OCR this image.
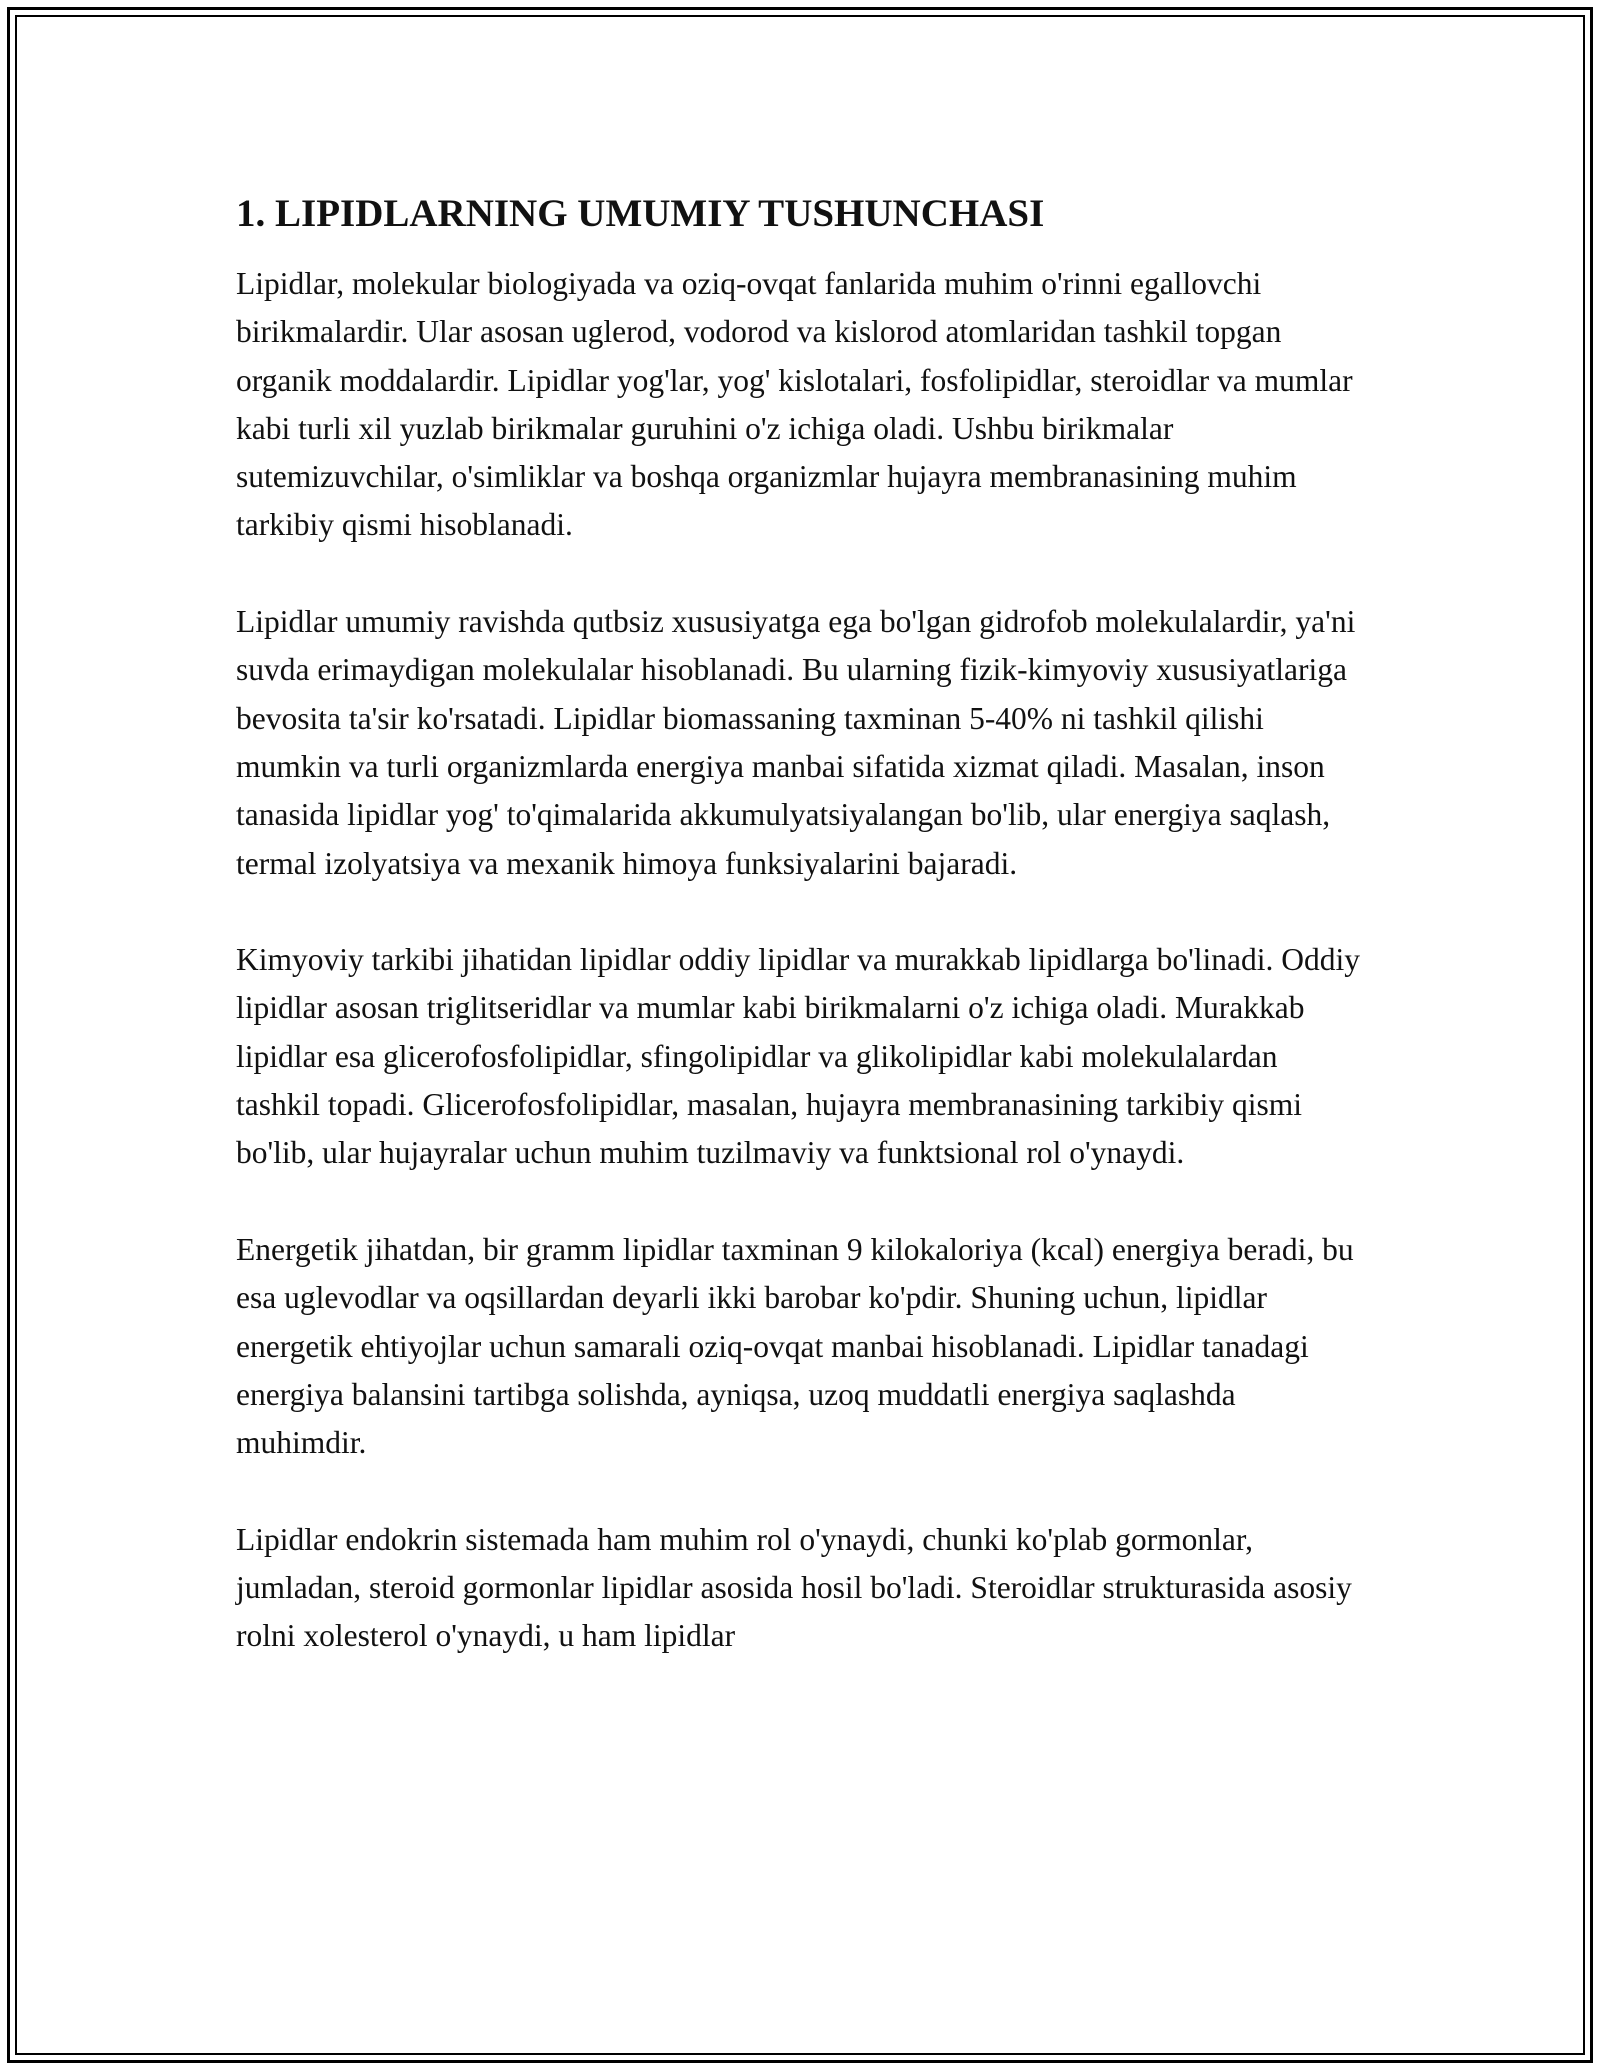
1. LIPIDLARNING UMUMIY TUSHUNCHASI

Lipidlar, molekular biologiyada va oziq-ovqat fanlarida muhim o'rinni egallovchi birikmalardir. Ular asosan uglerod, vodorod va kislorod atomlaridan tashkil topgan organik moddalardir. Lipidlar yog'lar, yog' kislotalari, fosfolipidlar, steroidlar va mumlar kabi turli xil yuzlab birikmalar guruhini o'z ichiga oladi. Ushbu birikmalar sutemizuvchilar, o'simliklar va boshqa organizmlar hujayra membranasining muhim tarkibiy qismi hisoblanadi.

Lipidlar umumiy ravishda qutbsiz xususiyatga ega bo'lgan gidrofob molekulalardir, ya'ni suvda erimaydigan molekulalar hisoblanadi. Bu ularning fizik-kimyoviy xususiyatlariga bevosita ta'sir ko'rsatadi. Lipidlar biomassaning taxminan 5-40% ni tashkil qilishi mumkin va turli organizmlarda energiya manbai sifatida xizmat qiladi. Masalan, inson tanasida lipidlar yog' to'qimalarida akkumulyatsiyalangan bo'lib, ular energiya saqlash, termal izolyatsiya va mexanik himoya funksiyalarini bajaradi.

Kimyoviy tarkibi jihatidan lipidlar oddiy lipidlar va murakkab lipidlarga bo'linadi. Oddiy lipidlar asosan triglitseridlar va mumlar kabi birikmalarni o'z ichiga oladi. Murakkab lipidlar esa glicerofosfolipidlar, sfingolipidlar va glikolipidlar kabi molekulalardan tashkil topadi. Glicerofosfolipidlar, masalan, hujayra membranasining tarkibiy qismi bo'lib, ular hujayralar uchun muhim tuzilmaviy va funktsional rol o'ynaydi.

Energetik jihatdan, bir gramm lipidlar taxminan 9 kilokaloriya (kcal) energiya beradi, bu esa uglevodlar va oqsillardan deyarli ikki barobar ko'pdir. Shuning uchun, lipidlar energetik ehtiyojlar uchun samarali oziq-ovqat manbai hisoblanadi. Lipidlar tanadagi energiya balansini tartibga solishda, ayniqsa, uzoq muddatli energiya saqlashda muhimdir.

Lipidlar endokrin sistemada ham muhim rol o'ynaydi, chunki ko'plab gormonlar, jumladan, steroid gormonlar lipidlar asosida hosil bo'ladi. Steroidlar strukturasida asosiy rolni xolesterol o'ynaydi, u ham lipidlar
